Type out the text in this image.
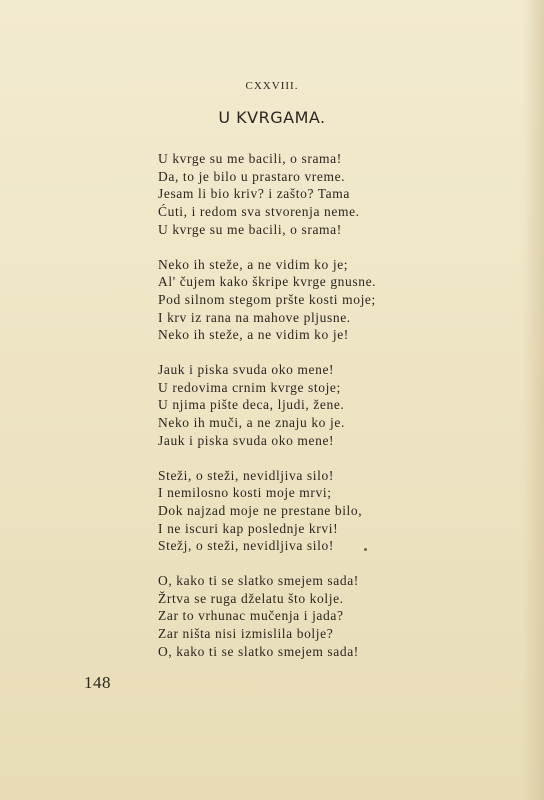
CXXVIII.
U KVRGAMA.
U kvrge su me bacili, o srama!
Da, to je bilo u prastaro vreme.
Jesam li bio kriv? i zašto? Tama
Ćuti, i redom sva stvorenja neme.
U kvrge su me bacili, o srama!
Neko ih steže, a ne vidim ko je;
Al' čujem kako škripe kvrge gnusne.
Pod silnom stegom pršte kosti moje;
I krv iz rana na mahove pljusne.
Neko ih steže, a ne vidim ko je!
Jauk i piska svuda oko mene!
U redovima crnim kvrge stoje;
U njima pište deca, ljudi, žene.
Neko ih muči, a ne znaju ko je.
Jauk i piska svuda oko mene!
Steži, o steži, nevidljiva silo!
I nemilosno kosti moje mrvi;
Dok najzad moje ne prestane bilo,
I ne iscuri kap poslednje krvi!
Stežj, o steži, nevidljiva silo!
O, kako ti se slatko smejem sada!
Žrtva se ruga dželatu što kolje.
Zar to vrhunac mučenja i jada?
Zar ništa nisi izmislila bolje?
O, kako ti se slatko smejem sada!
148
